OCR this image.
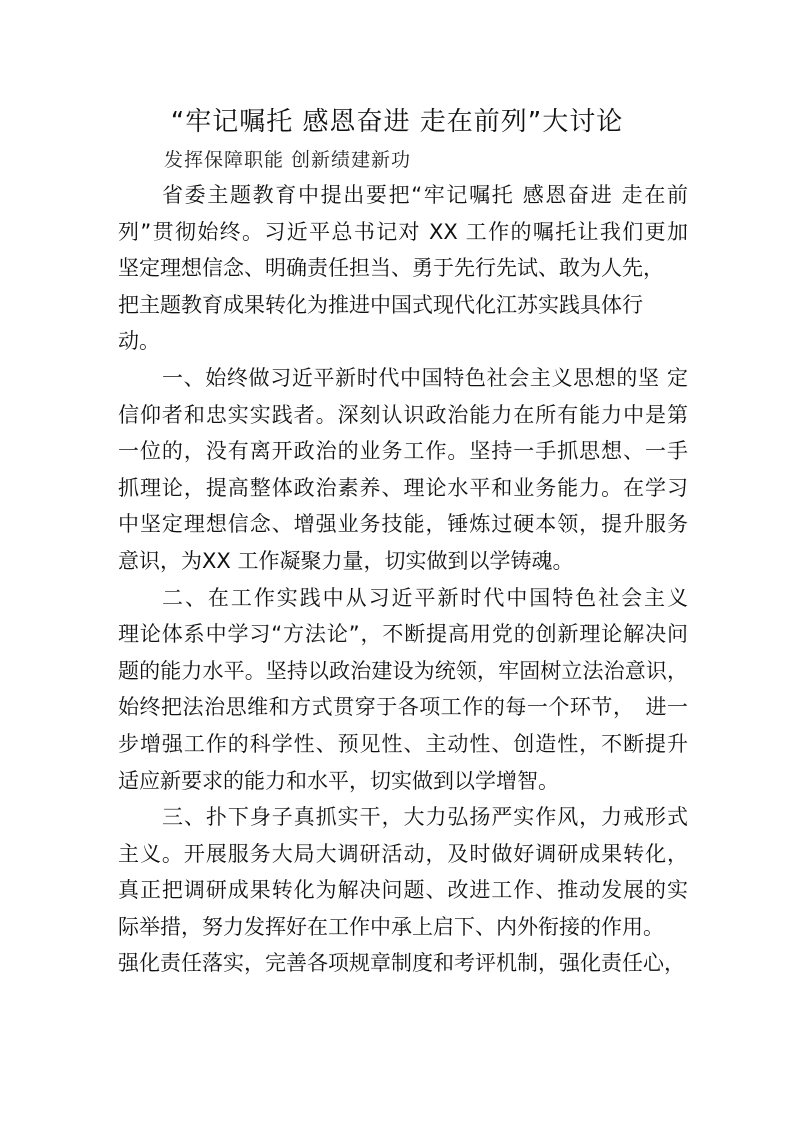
“牢记嘱托 感恩奋进 走在前列”大讨论
发挥保障职能 创新绩建新功
省委主题教育中提出要把“牢记嘱托 感恩奋进 走在前
列”贯彻始终。习近平总书记对 XX 工作的嘱托让我们更加
坚定理想信念、明确责任担当、勇于先行先试、敢为人先，
把主题教育成果转化为推进中国式现代化江苏实践具体行
动。
一、始终做习近平新时代中国特色社会主义思想的坚 定
信仰者和忠实实践者。深刻认识政治能力在所有能力中是第
一位的，没有离开政治的业务工作。坚持一手抓思想、一手
抓理论，提高整体政治素养、理论水平和业务能力。在学习
中坚定理想信念、增强业务技能，锤炼过硬本领，提升服务
意识，为XX 工作凝聚力量，切实做到以学铸魂。
二、在工作实践中从习近平新时代中国特色社会主义
理论体系中学习“方法论”，不断提高用党的创新理论解决问
题的能力水平。坚持以政治建设为统领，牢固树立法治意识，
始终把法治思维和方式贯穿于各项工作的每一个环节，　进一
步增强工作的科学性、预见性、主动性、创造性，不断提升
适应新要求的能力和水平，切实做到以学增智。
三、扑下身子真抓实干，大力弘扬严实作风，力戒形式
主义。开展服务大局大调研活动，及时做好调研成果转化，
真正把调研成果转化为解决问题、改进工作、推动发展的实
际举措，努力发挥好在工作中承上启下、内外衔接的作用。
强化责任落实，完善各项规章制度和考评机制，强化责任心，
